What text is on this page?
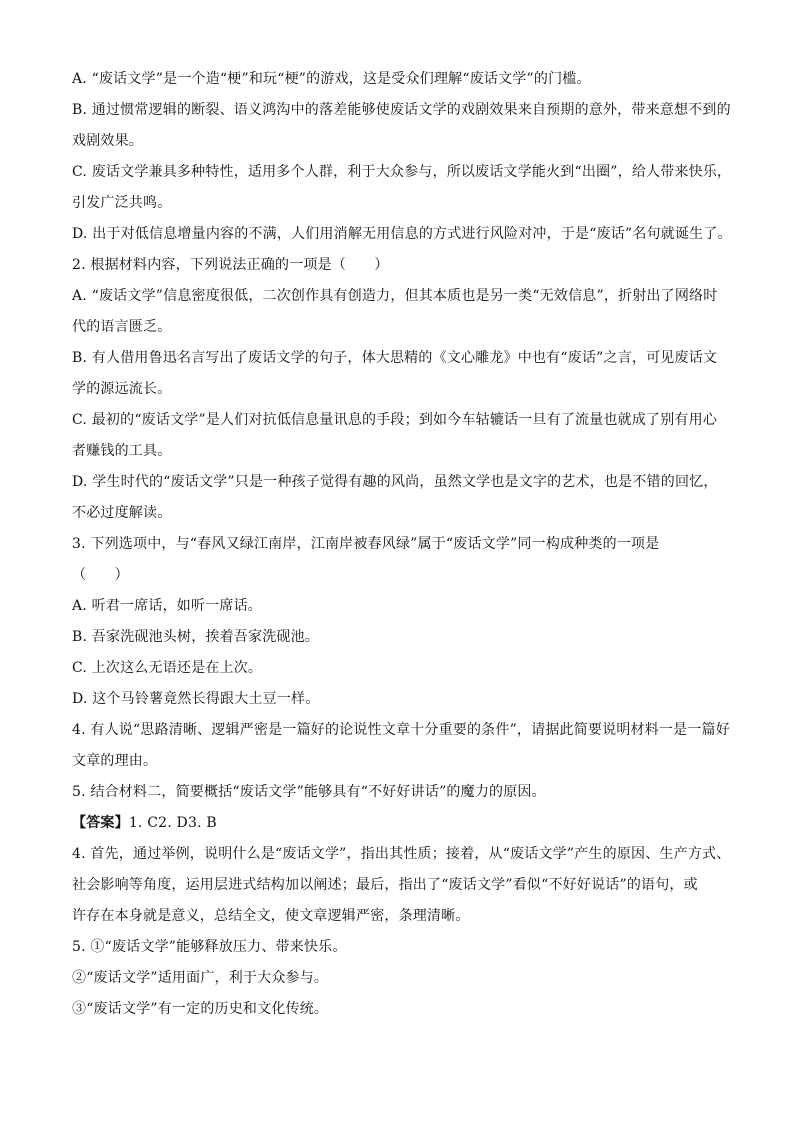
A. “废话文学”是一个造“梗”和玩“梗”的游戏，这是受众们理解“废话文学”的门槛。
B. 通过惯常逻辑的断裂、语义鸿沟中的落差能够使废话文学的戏剧效果来自预期的意外，带来意想不到的
戏剧效果。
C. 废话文学兼具多种特性，适用多个人群，利于大众参与，所以废话文学能火到“出圈”，给人带来快乐，
引发广泛共鸣。
D. 出于对低信息增量内容的不满，人们用消解无用信息的方式进行风险对冲，于是“废话”名句就诞生了。
2. 根据材料内容，下列说法正确的一项是（　　）
A. “废话文学”信息密度很低，二次创作具有创造力，但其本质也是另一类“无效信息”，折射出了网络时
代的语言匮乏。
B. 有人借用鲁迅名言写出了废话文学的句子，体大思精的《文心雕龙》中也有“废话”之言，可见废话文
学的源远流长。
C. 最初的“废话文学”是人们对抗低信息量讯息的手段；到如今车轱辘话一旦有了流量也就成了别有用心
者赚钱的工具。
D. 学生时代的“废话文学”只是一种孩子觉得有趣的风尚，虽然文学也是文字的艺术，也是不错的回忆，
不必过度解读。
3. 下列选项中，与“春风又绿江南岸，江南岸被春风绿”属于“废话文学”同一构成种类的一项是
（　　）
A. 听君一席话，如听一席话。
B. 吾家洗砚池头树，挨着吾家洗砚池。
C. 上次这么无语还是在上次。
D. 这个马铃薯竟然长得跟大土豆一样。
4. 有人说“思路清晰、逻辑严密是一篇好的论说性文章十分重要的条件”，请据此简要说明材料一是一篇好
文章的理由。
5. 结合材料二，简要概括“废话文学”能够具有“不好好讲话”的魔力的原因。
【答案】1. C2. D3. B
4. 首先，通过举例，说明什么是“废话文学”，指出其性质；接着，从“废话文学”产生的原因、生产方式、
社会影响等角度，运用层进式结构加以阐述；最后，指出了“废话文学”看似“不好好说话”的语句，或
许存在本身就是意义，总结全文，使文章逻辑严密，条理清晰。
5. ①“废话文学”能够释放压力、带来快乐。
②“废话文学”适用面广，利于大众参与。
③“废话文学”有一定的历史和文化传统。
